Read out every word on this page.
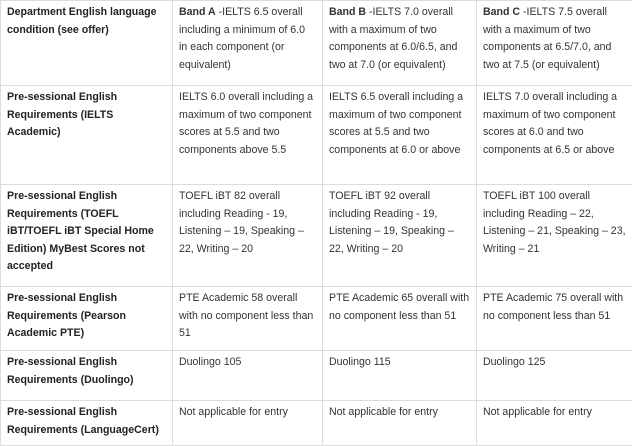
Department English language condition (see offer)	Band A -IELTS 6.5 overall including a minimum of 6.0 in each component (or equivalent)	Band B -IELTS 7.0 overall with a maximum of two components at 6.0/6.5, and two at 7.0 (or equivalent)	Band C -IELTS 7.5 overall with a maximum of two components at 6.5/7.0, and two at 7.5 (or equivalent)
Pre-sessional English Requirements (IELTS Academic)	IELTS 6.0 overall including a maximum of two component scores at 5.5 and two components above 5.5	IELTS 6.5 overall including a maximum of two component scores at 5.5 and two components at 6.0 or above	IELTS 7.0 overall including a maximum of two component scores at 6.0 and two components at 6.5 or above
Pre-sessional English Requirements (TOEFL iBT/TOEFL iBT Special Home Edition) MyBest Scores not accepted	TOEFL iBT 82 overall including Reading - 19, Listening – 19, Speaking – 22, Writing – 20	TOEFL iBT 92 overall including Reading - 19, Listening – 19, Speaking – 22, Writing – 20	TOEFL iBT 100 overall including Reading – 22, Listening – 21, Speaking – 23, Writing – 21
Pre-sessional English Requirements (Pearson Academic PTE)	PTE Academic 58 overall with no component less than 51	PTE Academic 65 overall with no component less than 51	PTE Academic 75 overall with no component less than 51
Pre-sessional English Requirements (Duolingo)	Duolingo 105	Duolingo 115	Duolingo 125
Pre-sessional English Requirements (LanguageCert)	Not applicable for entry	Not applicable for entry	Not applicable for entry
